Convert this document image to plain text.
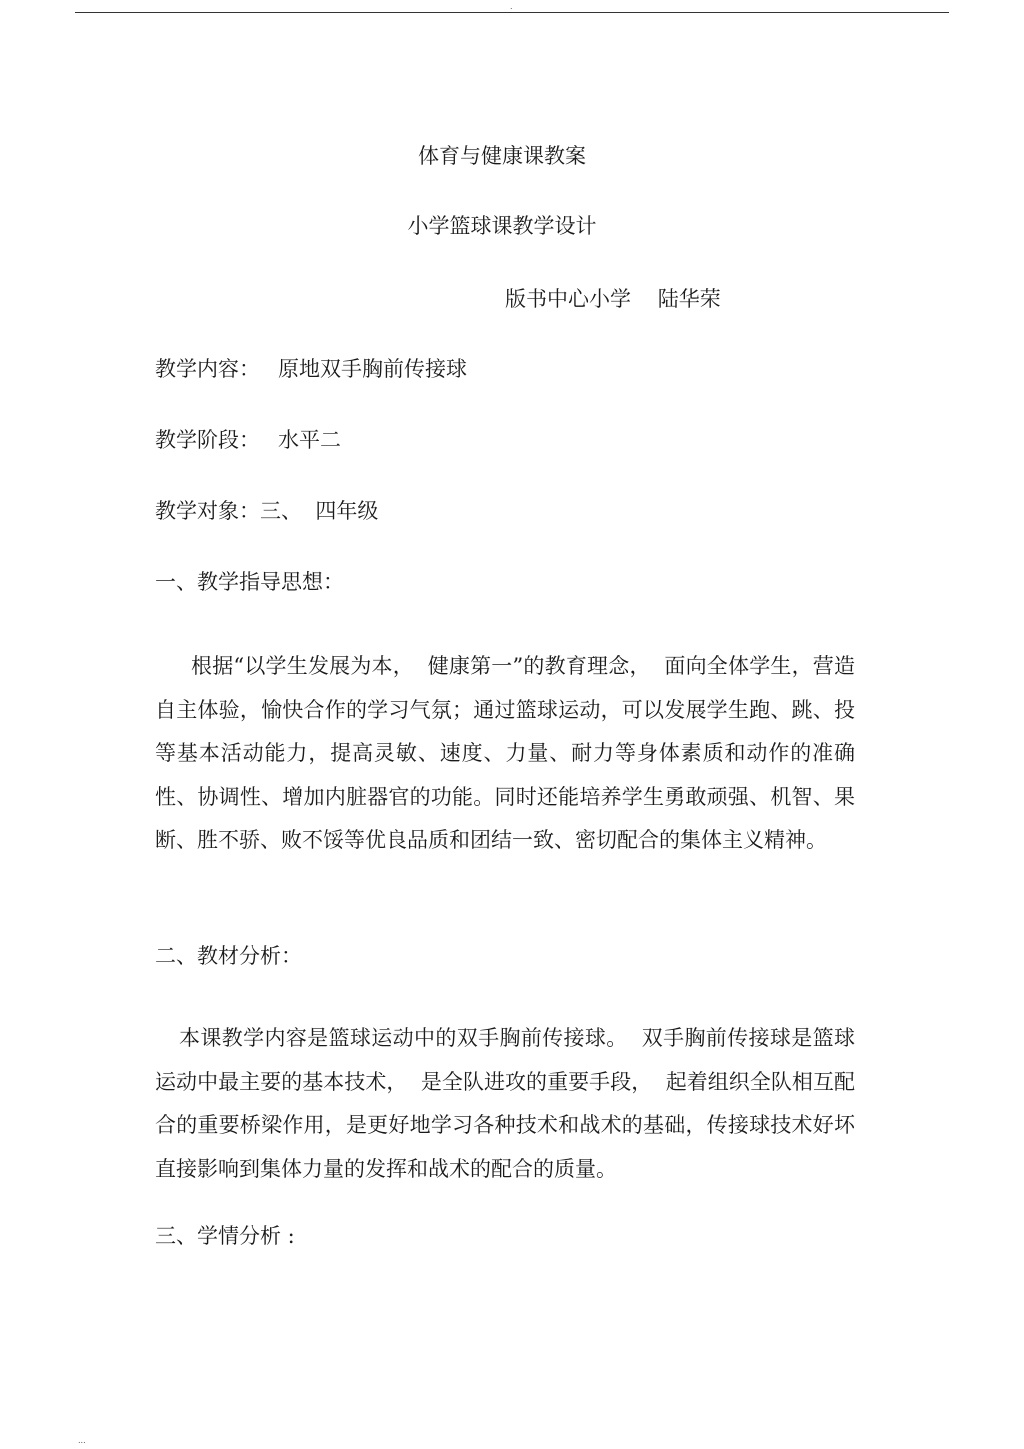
.
体育与健康课教案
小学篮球课教学设计
版书中心小学    陆华荣
教学内容： 原地双手胸前传接球
教学阶段： 水平二
教学对象：三、  四年级
一、教学指导思想：
根据“以学生发展为本，  健康第一”的教育理念，  面向全体学生，营造自主体验，愉快合作的学习气氛；通过篮球运动，可以发展学生跑、跳、投等基本活动能力，提高灵敏、速度、力量、耐力等身体素质和动作的准确性、协调性、增加内脏器官的功能。同时还能培养学生勇敢顽强、机智、果断、胜不骄、败不馁等优良品质和团结一致、密切配合的集体主义精神。
二、教材分析：
本课教学内容是篮球运动中的双手胸前传接球。  双手胸前传接球是篮球运动中最主要的基本技术，  是全队进攻的重要手段，  起着组织全队相互配合的重要桥梁作用，是更好地学习各种技术和战术的基础，传接球技术好坏直接影响到集体力量的发挥和战术的配合的质量。
三、学情分析 :
...
